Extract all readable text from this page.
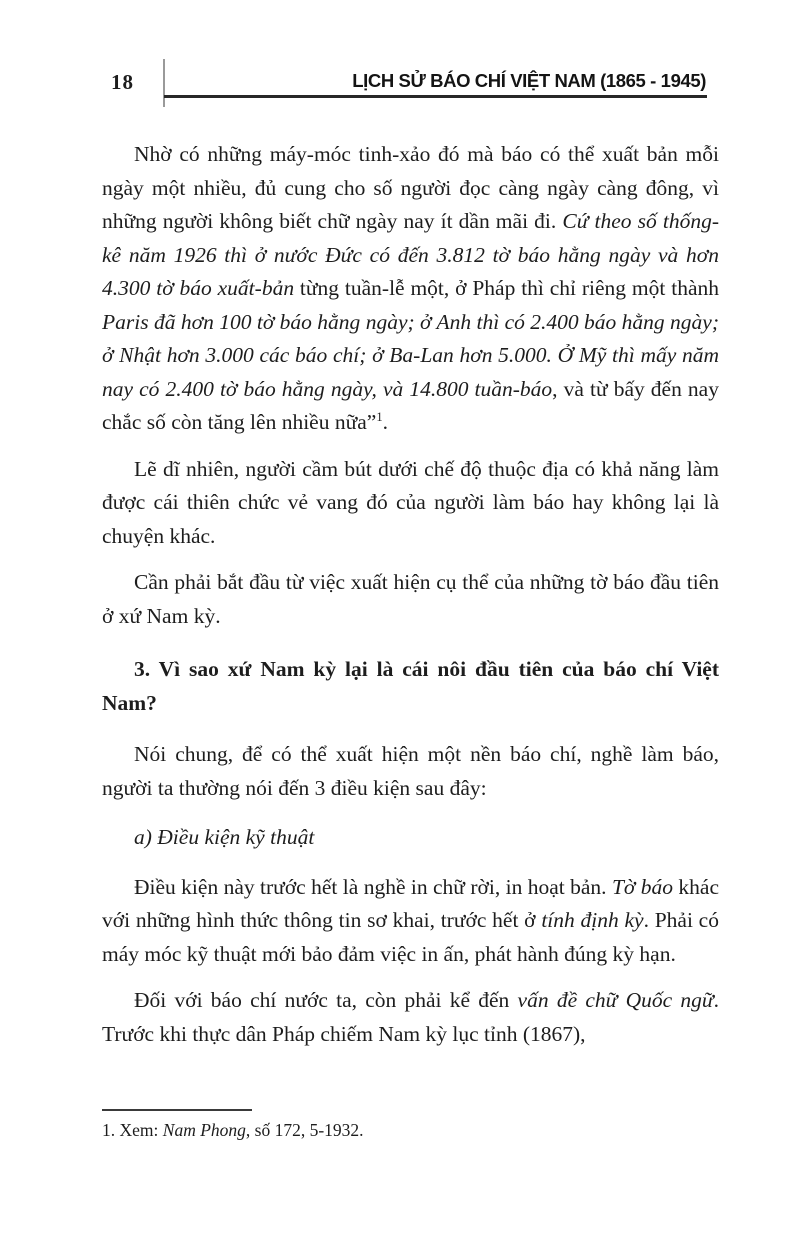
18	LỊCH SỬ BÁO CHÍ VIỆT NAM (1865 - 1945)

Nhờ có những máy-móc tinh-xảo đó mà báo có thể xuất bản mỗi ngày một nhiều, đủ cung cho số người đọc càng ngày càng đông, vì những người không biết chữ ngày nay ít dần mãi đi. Cứ theo số thống-kê năm 1926 thì ở nước Đức có đến 3.812 tờ báo hằng ngày và hơn 4.300 tờ báo xuất-bản từng tuần-lễ một, ở Pháp thì chỉ riêng một thành Paris đã hơn 100 tờ báo hằng ngày; ở Anh thì có 2.400 báo hằng ngày; ở Nhật hơn 3.000 các báo chí; ở Ba-Lan hơn 5.000. Ở Mỹ thì mấy năm nay có 2.400 tờ báo hằng ngày, và 14.800 tuần-báo, và từ bấy đến nay chắc số còn tăng lên nhiều nữa”$^1$.

Lẽ dĩ nhiên, người cầm bút dưới chế độ thuộc địa có khả năng làm được cái thiên chức vẻ vang đó của người làm báo hay không lại là chuyện khác.

Cần phải bắt đầu từ việc xuất hiện cụ thể của những tờ báo đầu tiên ở xứ Nam kỳ.

3. Vì sao xứ Nam kỳ lại là cái nôi đầu tiên của báo chí Việt Nam?

Nói chung, để có thể xuất hiện một nền báo chí, nghề làm báo, người ta thường nói đến 3 điều kiện sau đây:

a) Điều kiện kỹ thuật

Điều kiện này trước hết là nghề in chữ rời, in hoạt bản. Tờ báo khác với những hình thức thông tin sơ khai, trước hết ở tính định kỳ. Phải có máy móc kỹ thuật mới bảo đảm việc in ấn, phát hành đúng kỳ hạn.

Đối với báo chí nước ta, còn phải kể đến vấn đề chữ Quốc ngữ. Trước khi thực dân Pháp chiếm Nam kỳ lục tỉnh (1867),

1. Xem: Nam Phong, số 172, 5-1932.
